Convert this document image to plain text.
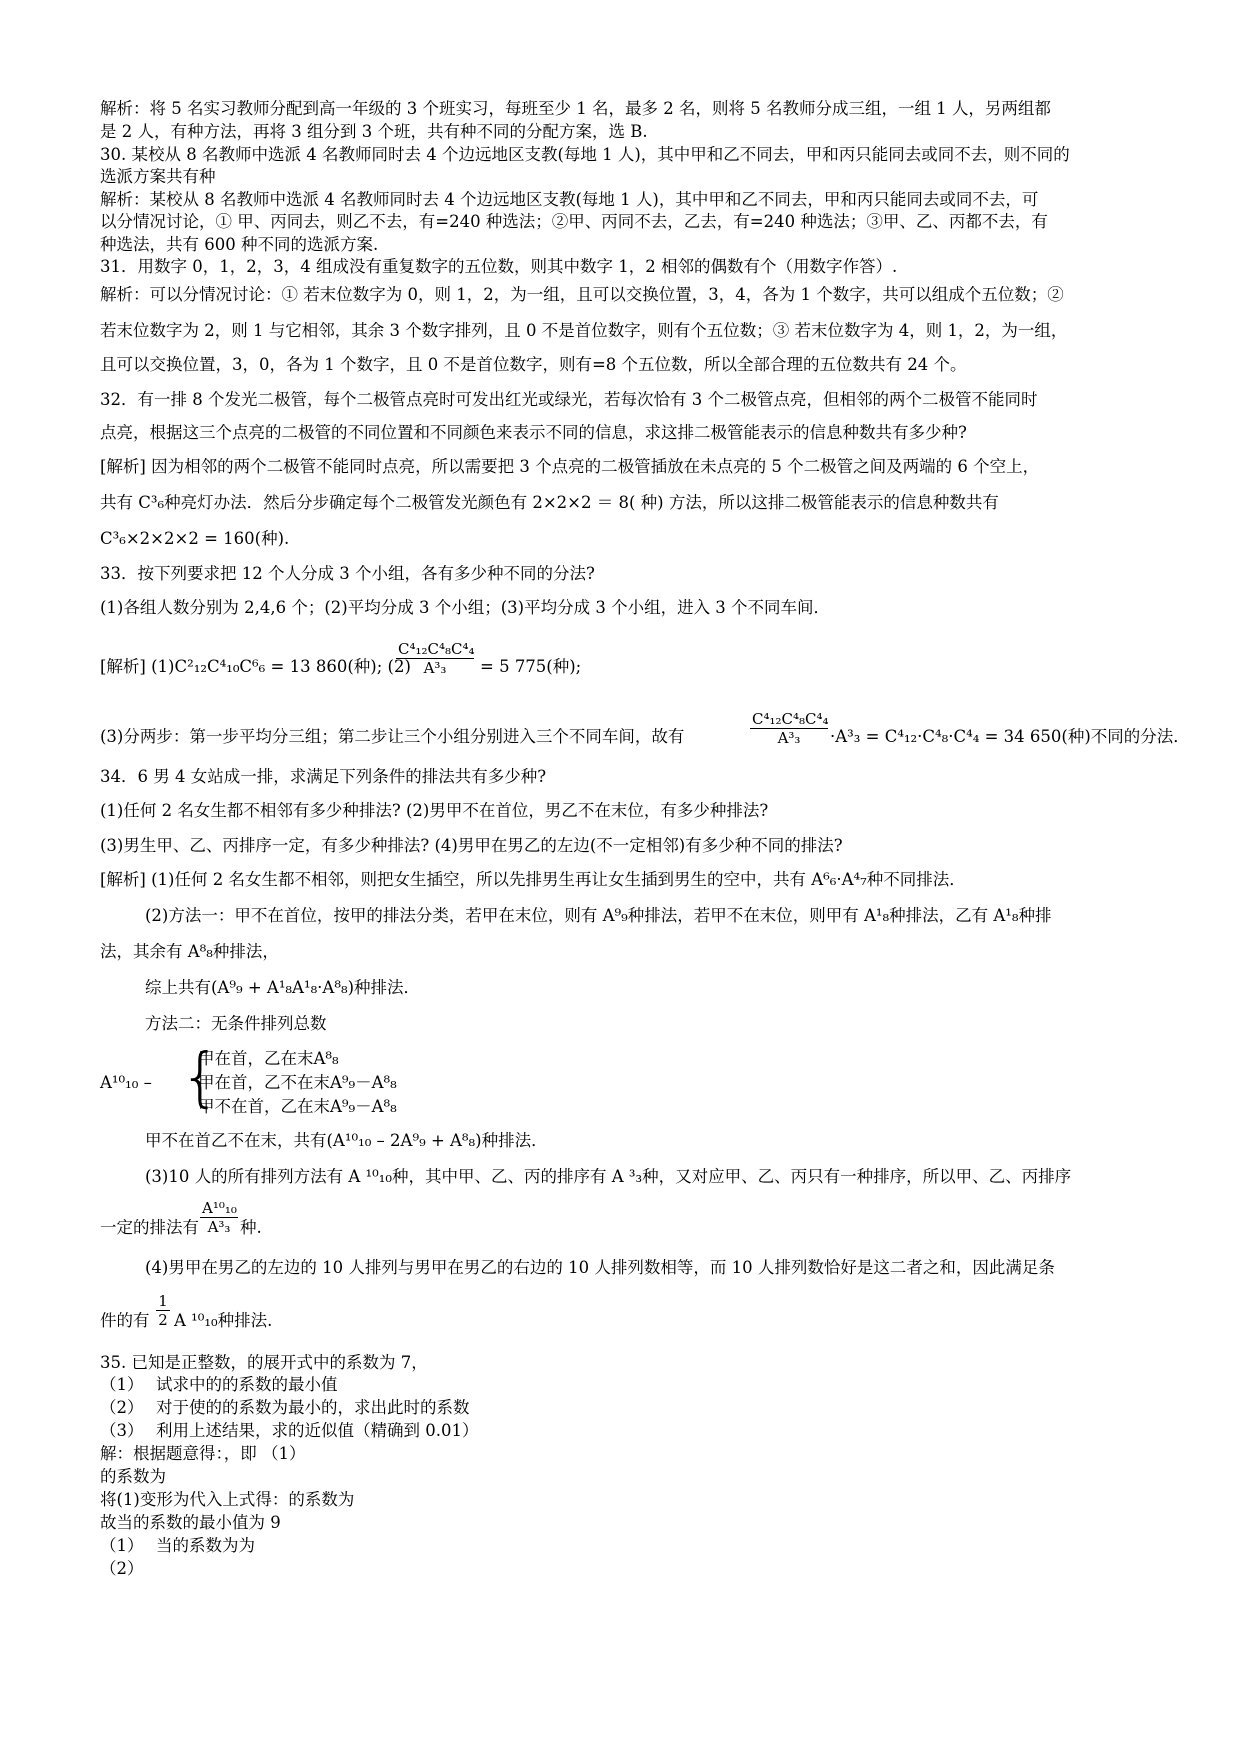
解析：将 5 名实习教师分配到高一年级的 3 个班实习，每班至少 1 名，最多 2 名，则将 5 名教师分成三组，一组 1 人，另两组都
是 2 人，有种方法，再将 3 组分到 3 个班，共有种不同的分配方案，选 B.
30. 某校从 8 名教师中选派 4 名教师同时去 4 个边远地区支教(每地 1 人)，其中甲和乙不同去，甲和丙只能同去或同不去，则不同的
选派方案共有种
解析：某校从 8 名教师中选派 4 名教师同时去 4 个边远地区支教(每地 1 人)，其中甲和乙不同去，甲和丙只能同去或同不去，可
以分情况讨论，① 甲、丙同去，则乙不去，有=240 种选法；②甲、丙同不去，乙去，有=240 种选法；③甲、乙、丙都不去，有
种选法，共有 600 种不同的选派方案.
31．用数字 0，1，2，3，4 组成没有重复数字的五位数，则其中数字 1，2 相邻的偶数有个（用数字作答）.
解析：可以分情况讨论：① 若末位数字为 0，则 1，2，为一组，且可以交换位置，3，4，各为 1 个数字，共可以组成个五位数；②
若末位数字为 2，则 1 与它相邻，其余 3 个数字排列，且 0 不是首位数字，则有个五位数；③ 若末位数字为 4，则 1，2，为一组，
且可以交换位置，3，0，各为 1 个数字，且 0 不是首位数字，则有=8 个五位数，所以全部合理的五位数共有 24 个。
32．有一排 8 个发光二极管，每个二极管点亮时可发出红光或绿光，若每次恰有 3 个二极管点亮，但相邻的两个二极管不能同时
点亮，根据这三个点亮的二极管的不同位置和不同颜色来表示不同的信息，求这排二极管能表示的信息种数共有多少种?
[解析] 因为相邻的两个二极管不能同时点亮，所以需要把 3 个点亮的二极管插放在未点亮的 5 个二极管之间及两端的 6 个空上，
共有 C³₆种亮灯办法．然后分步确定每个二极管发光颜色有 2×2×2 ＝ 8( 种) 方法，所以这排二极管能表示的信息种数共有
C³₆×2×2×2 = 160(种).
33．按下列要求把 12 个人分成 3 个小组，各有多少种不同的分法?
(1)各组人数分别为 2,4,6 个；(2)平均分成 3 个小组；(3)平均分成 3 个小组，进入 3 个不同车间．
[解析] (1)C²₁₂C⁴₁₀C⁶₆ = 13 860(种); (2)
$\frac{\text{C⁴₁₂C⁴₈C⁴₄}}{\text{A³₃}} = 5$ 775(种);
(3)分两步：第一步平均分三组；第二步让三个小组分别进入三个不同车间，故有	$\frac{\text{C⁴₁₂C⁴₈C⁴₄}}{\text{A³₃}} \cdot A^3_3 = C^4_{12}\cdot C^4_8\cdot C^4_4 = 34$ 650(种)不同的分法．
34．6 男 4 女站成一排，求满足下列条件的排法共有多少种?
(1)任何 2 名女生都不相邻有多少种排法? (2)男甲不在首位，男乙不在末位，有多少种排法?
(3)男生甲、乙、丙排序一定，有多少种排法? (4)男甲在男乙的左边(不一定相邻)有多少种不同的排法?
[解析] (1)任何 2 名女生都不相邻，则把女生插空，所以先排男生再让女生插到男生的空中，共有 A⁶₆·A⁴₇种不同排法．
(2)方法一：甲不在首位，按甲的排法分类，若甲在末位，则有 A⁹₉种排法，若甲不在末位，则甲有 A¹₈种排法，乙有 A¹₈种排
法，其余有 A⁸₈种排法，
综上共有(A⁹₉ + A¹₈A¹₈·A⁸₈)种排法．
方法二：无条件排列总数
A¹⁰₁₀ – {
甲在首，乙在末A⁸₈
甲在首，乙不在末A⁹₉－A⁸₈
甲不在首，乙在末A⁹₉－A⁸₈
甲不在首乙不在末，共有(A¹⁰₁₀ – 2A⁹₉ + A⁸₈)种排法．
(3)10 人的所有排列方法有 A ¹⁰₁₀种，其中甲、乙、丙的排序有 A ³₃种，又对应甲、乙、丙只有一种排序，所以甲、乙、丙排序
一定的排法有 $\frac{\text{A¹⁰₁₀}}{\text{A³₃}}$ 种.
(4)男甲在男乙的左边的 10 人排列与男甲在男乙的右边的 10 人排列数相等，而 10 人排列数恰好是这二者之和，因此满足条
件的有 $\frac{1}{2}$ A ¹⁰₁₀种排法.
35. 已知是正整数，的展开式中的系数为 7，
（1） 试求中的的系数的最小值
（2） 对于使的的系数为最小的，求出此时的系数
（3） 利用上述结果，求的近似值（精确到 0.01）
解：根据题意得：，即 （1）
的系数为
将(1)变形为代入上式得：的系数为
故当的系数的最小值为 9
（1） 当的系数为为
（2）
